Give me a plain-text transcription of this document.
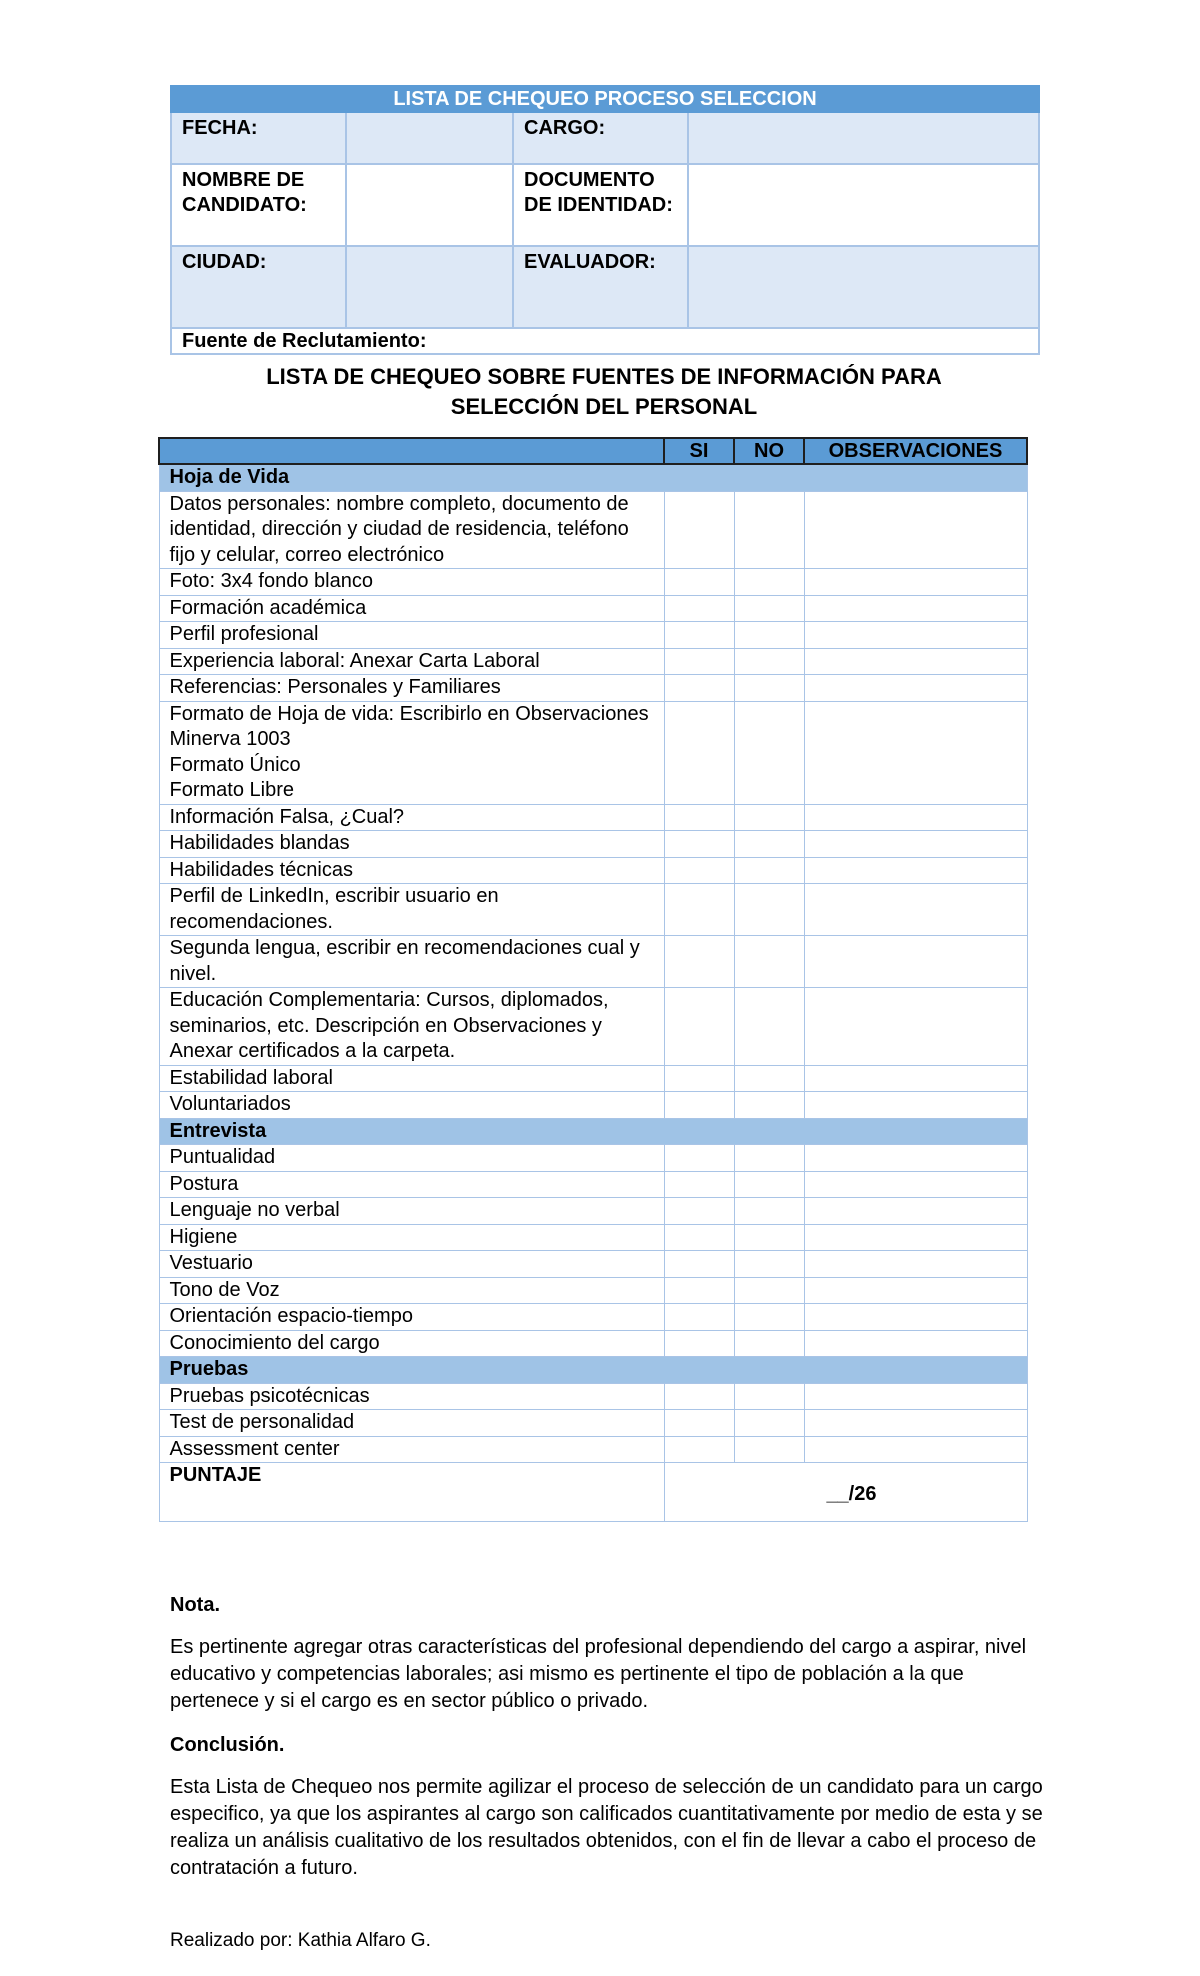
LISTA DE CHEQUEO PROCESO SELECCION			
FECHA:		CARGO:	
NOMBRE DE CANDIDATO:		DOCUMENTO DE IDENTIDAD:	
CIUDAD:		EVALUADOR:	
Fuente de Reclutamiento:			
LISTA DE CHEQUEO SOBRE FUENTES DE INFORMACIÓN PARA
SELECCIÓN DEL PERSONAL
	SI	NO	OBSERVACIONES
Hoja de Vida			
Datos personales: nombre completo, documento de identidad, dirección y ciudad de residencia, teléfono fijo y celular, correo electrónico			
Foto: 3x4 fondo blanco			
Formación académica			
Perfil profesional			
Experiencia laboral: Anexar Carta Laboral			
Referencias: Personales y Familiares			

Formato de Hoja de vida: Escribirlo en Observaciones
Minerva 1003
Formato Único
Formato Libre			

Información Falsa, ¿Cual?			
Habilidades blandas			
Habilidades técnicas			
Perfil de LinkedIn, escribir usuario en recomendaciones.			
Segunda lengua, escribir en recomendaciones cual y nivel.			
Educación Complementaria: Cursos, diplomados, seminarios, etc. Descripción en Observaciones y Anexar certificados a la carpeta.			
Estabilidad laboral			
Voluntariados			
Entrevista			
Puntualidad			
Postura			
Lenguaje no verbal			
Higiene			
Vestuario			
Tono de Voz			
Orientación espacio-tiempo			
Conocimiento del cargo			
Pruebas			
Pruebas psicotécnicas			
Test de personalidad			
Assessment center			
PUNTAJE	__/26		

Nota.

Es pertinente agregar otras características del profesional dependiendo del cargo a aspirar, nivel educativo y competencias laborales; asi mismo es pertinente el tipo de población a la que pertenece y si el cargo es en sector público o privado.

Conclusión.

Esta Lista de Chequeo nos permite agilizar el proceso de selección de un candidato para un cargo especifico, ya que los aspirantes al cargo son calificados cuantitativamente por medio de esta y se realiza un análisis cualitativo de los resultados obtenidos, con el fin de llevar a cabo el proceso de contratación a futuro.

Realizado por: Kathia Alfaro G.
